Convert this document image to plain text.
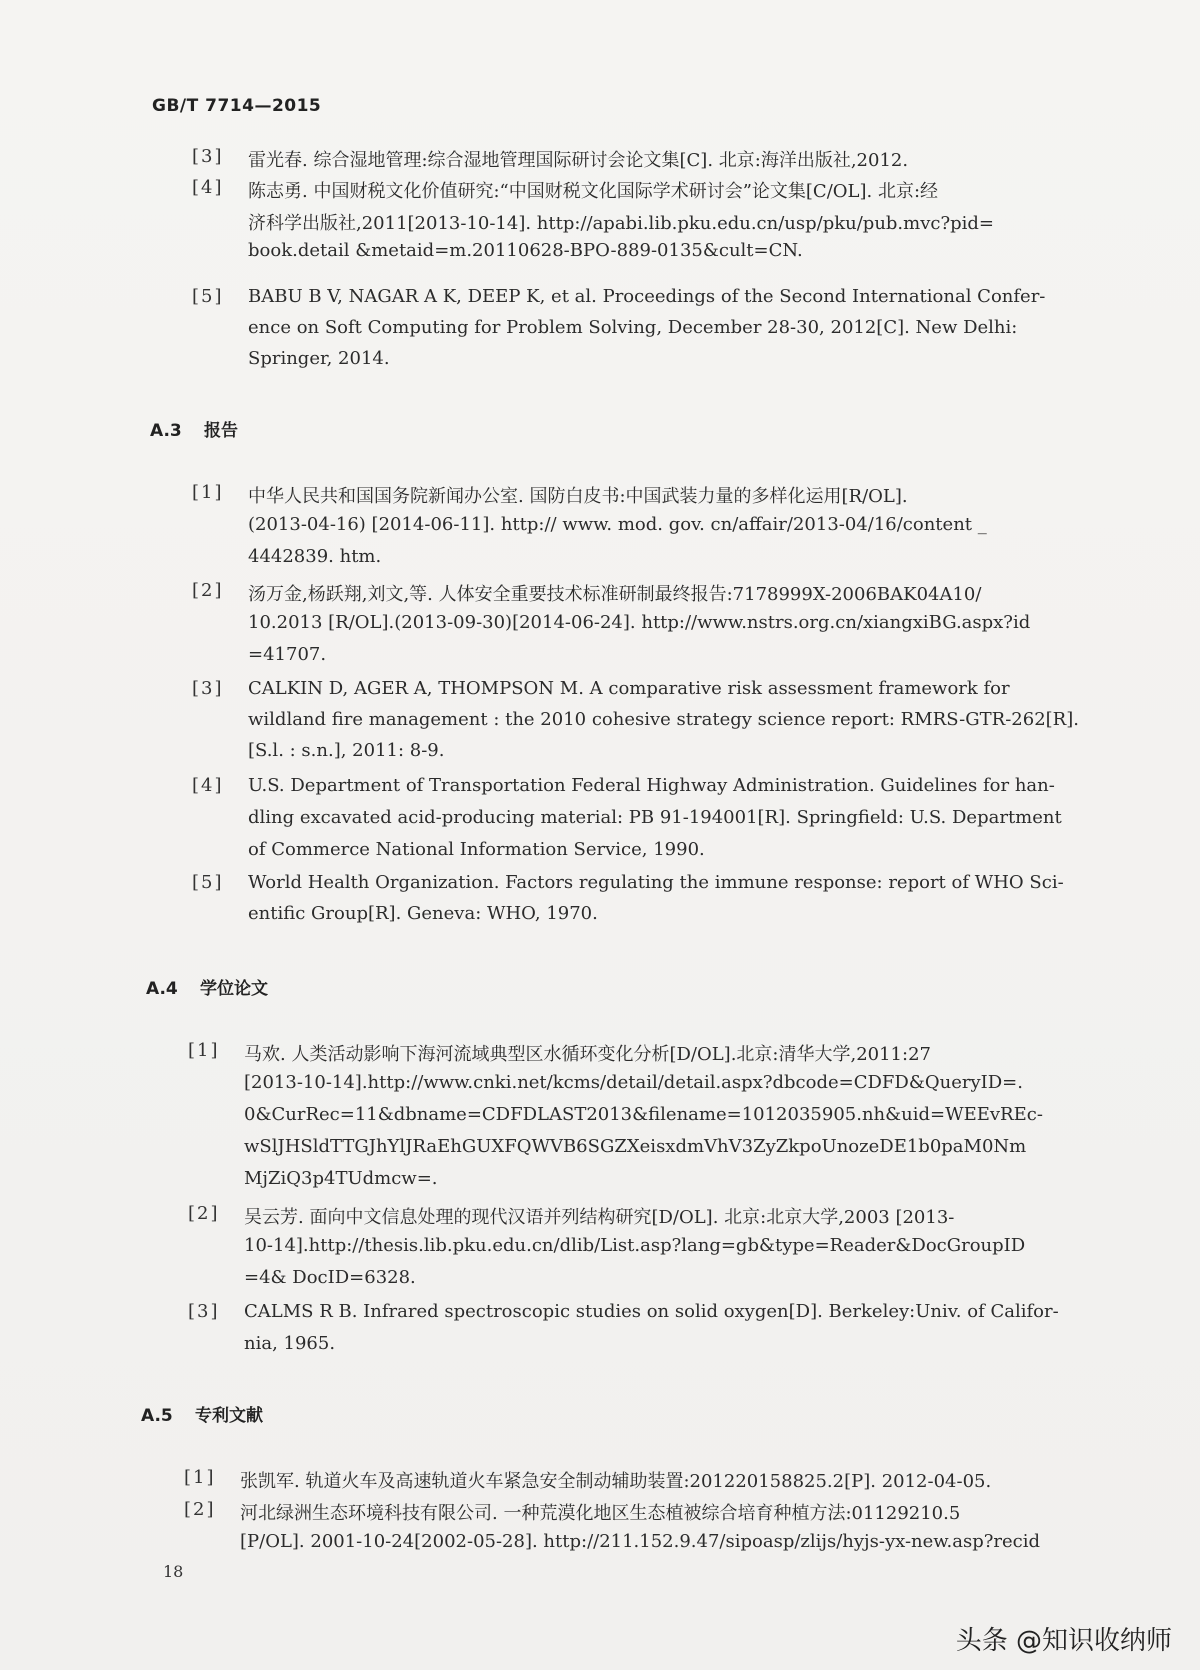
GB/T 7714—2015
[3] 雷光春. 综合湿地管理:综合湿地管理国际研讨会论文集[C]. 北京:海洋出版社,2012.
[4] 陈志勇. 中国财税文化价值研究:“中国财税文化国际学术研讨会”论文集[C/OL]. 北京:经
济科学出版社,2011[2013-10-14]. http://apabi.lib.pku.edu.cn/usp/pku/pub.mvc?pid=
book.detail &metaid=m.20110628-BPO-889-0135&cult=CN.
[5] BABU B V, NAGAR A K, DEEP K, et al. Proceedings of the Second International Confer-
ence on Soft Computing for Problem Solving, December 28-30, 2012[C]. New Delhi:
Springer, 2014.
A.3 报告
[1] 中华人民共和国国务院新闻办公室. 国防白皮书:中国武装力量的多样化运用[R/OL].
(2013-04-16) [2014-06-11]. http:// www. mod. gov. cn/affair/2013-04/16/content _
4442839. htm.
[2] 汤万金,杨跃翔,刘文,等. 人体安全重要技术标准研制最终报告:7178999X-2006BAK04A10/
10.2013 [R/OL].(2013-09-30)[2014-06-24]. http://www.nstrs.org.cn/xiangxiBG.aspx?id
=41707.
[3] CALKIN D, AGER A, THOMPSON M. A comparative risk assessment framework for
wildland fire management : the 2010 cohesive strategy science report: RMRS-GTR-262[R].
[S.l. : s.n.], 2011: 8-9.
[4] U.S. Department of Transportation Federal Highway Administration. Guidelines for han-
dling excavated acid-producing material: PB 91-194001[R]. Springfield: U.S. Department
of Commerce National Information Service, 1990.
[5] World Health Organization. Factors regulating the immune response: report of WHO Sci-
entific Group[R]. Geneva: WHO, 1970.
A.4 学位论文
[1] 马欢. 人类活动影响下海河流域典型区水循环变化分析[D/OL].北京:清华大学,2011:27
[2013-10-14].http://www.cnki.net/kcms/detail/detail.aspx?dbcode=CDFD&QueryID=.
0&CurRec=11&dbname=CDFDLAST2013&filename=1012035905.nh&uid=WEEvREc-
wSlJHSldTTGJhYlJRaEhGUXFQWVB6SGZXeisxdmVhV3ZyZkpoUnozeDE1b0paM0Nm
MjZiQ3p4TUdmcw=.
[2] 吴云芳. 面向中文信息处理的现代汉语并列结构研究[D/OL]. 北京:北京大学,2003 [2013-
10-14].http://thesis.lib.pku.edu.cn/dlib/List.asp?lang=gb&type=Reader&DocGroupID
=4& DocID=6328.
[3] CALMS R B. Infrared spectroscopic studies on solid oxygen[D]. Berkeley:Univ. of Califor-
nia, 1965.
A.5 专利文献
[1] 张凯军. 轨道火车及高速轨道火车紧急安全制动辅助装置:201220158825.2[P]. 2012-04-05.
[2] 河北绿洲生态环境科技有限公司. 一种荒漠化地区生态植被综合培育种植方法:01129210.5
[P/OL]. 2001-10-24[2002-05-28]. http://211.152.9.47/sipoasp/zlijs/hyjs-yx-new.asp?recid
18
头条 @知识收纳师
